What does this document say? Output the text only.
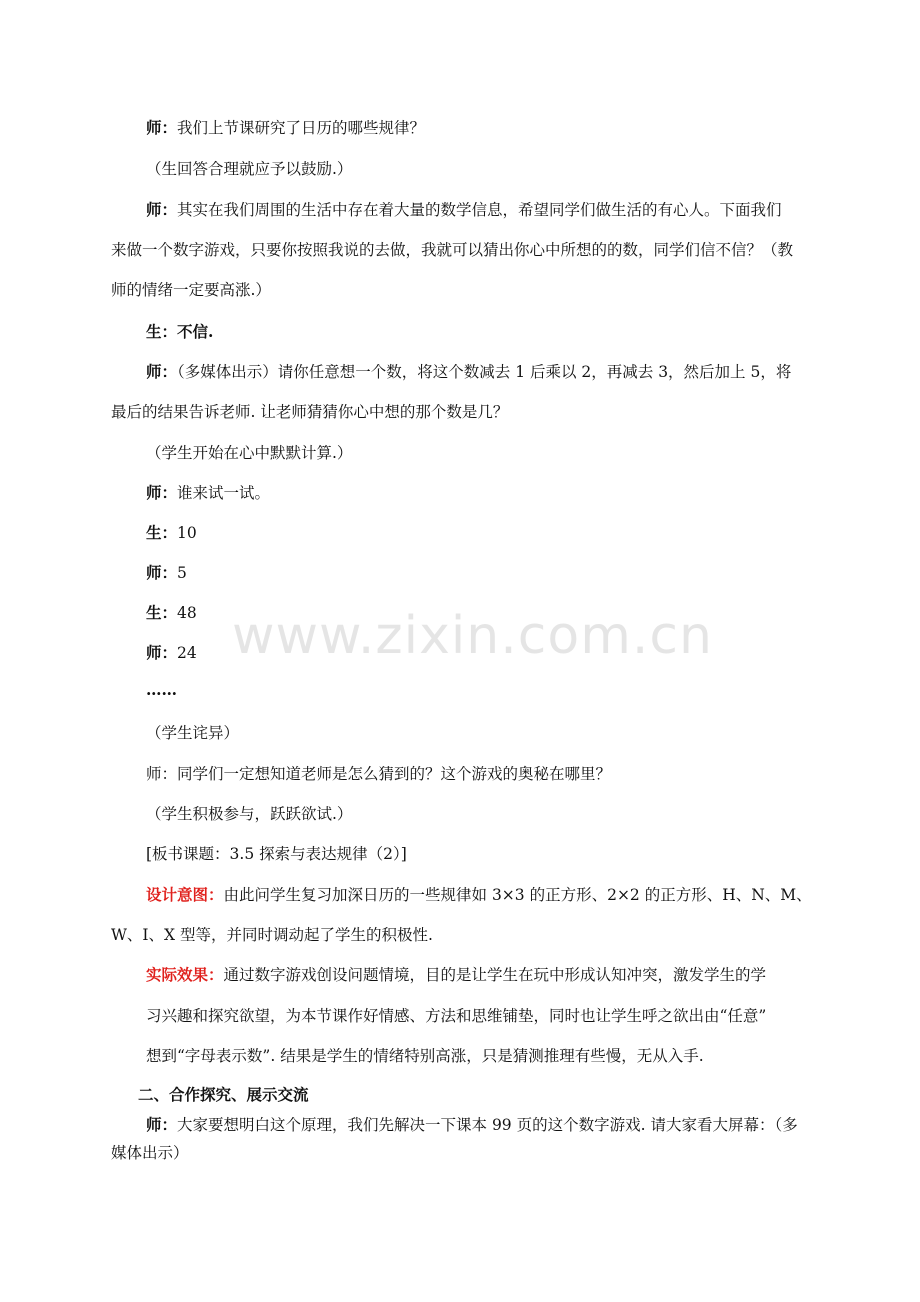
www.zixin.com.cn
师：我们上节课研究了日历的哪些规律？
（生回答合理就应予以鼓励.）
师：其实在我们周围的生活中存在着大量的数学信息，希望同学们做生活的有心人。下面我们
来做一个数字游戏，只要你按照我说的去做，我就可以猜出你心中所想的的数，同学们信不信？（教
师的情绪一定要高涨.）
生：不信.
师：（多媒体出示）请你任意想一个数，将这个数减去 1 后乘以 2，再减去 3，然后加上 5，将
最后的结果告诉老师. 让老师猜猜你心中想的那个数是几？
（学生开始在心中默默计算.）
师：谁来试一试。
生：10
师：5
生：48
师：24
……
（学生诧异）
师：同学们一定想知道老师是怎么猜到的？这个游戏的奥秘在哪里？
（学生积极参与，跃跃欲试.）
[板书课题：3.5 探索与表达规律（2）]
设计意图：由此问学生复习加深日历的一些规律如 3×3 的正方形、2×2 的正方形、H、N、M、
W、I、X 型等，并同时调动起了学生的积极性.
实际效果：通过数字游戏创设问题情境，目的是让学生在玩中形成认知冲突，激发学生的学
习兴趣和探究欲望，为本节课作好情感、方法和思维铺垫，同时也让学生呼之欲出由“任意”
想到“字母表示数”. 结果是学生的情绪特别高涨，只是猜测推理有些慢，无从入手.
二、合作探究、展示交流
师：大家要想明白这个原理，我们先解决一下课本 99 页的这个数字游戏. 请大家看大屏幕：（多
媒体出示）
